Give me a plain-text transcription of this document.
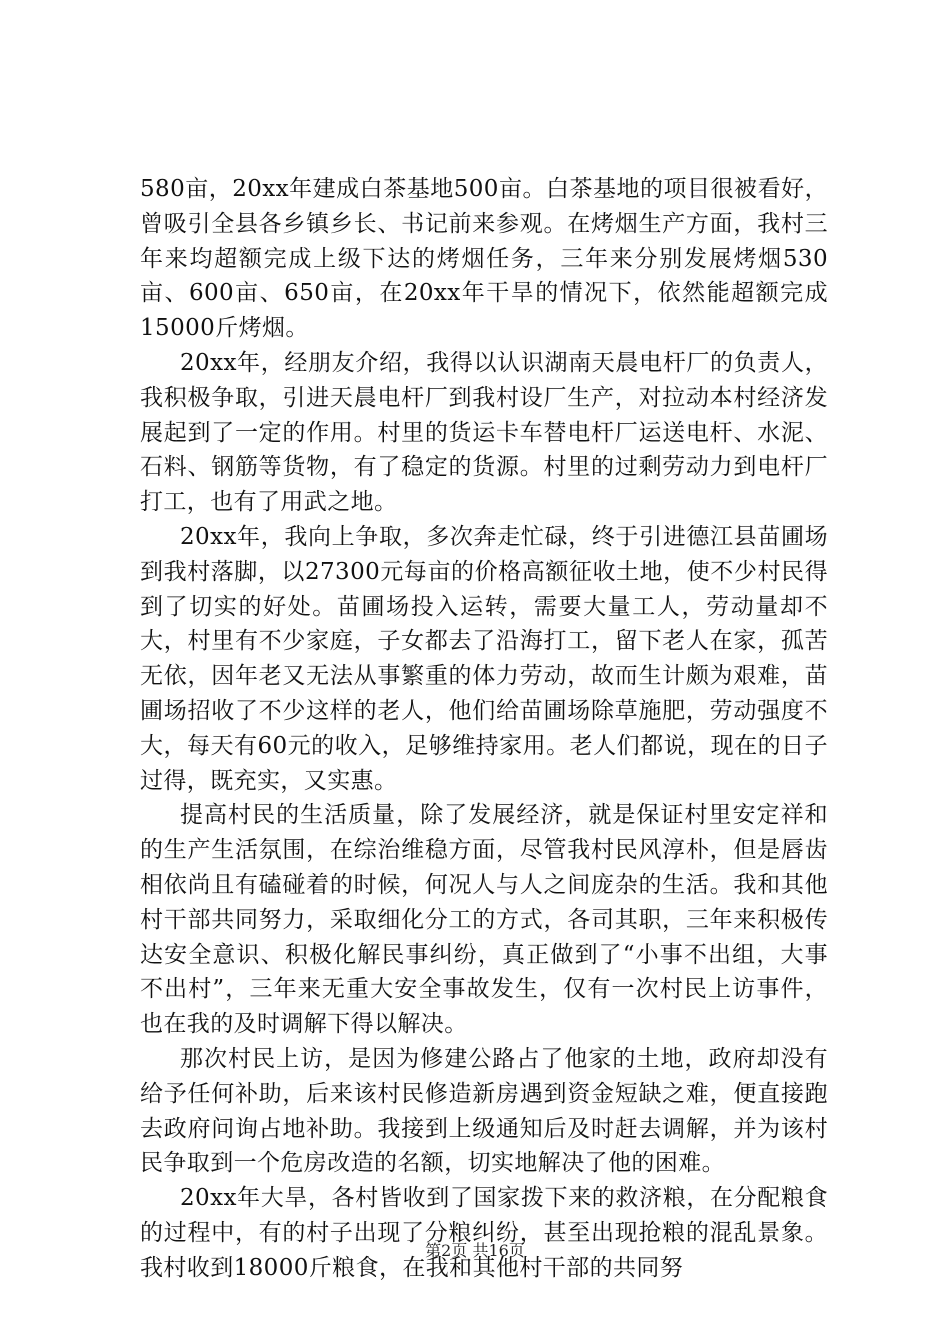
580亩，20xx年建成白茶基地500亩。白茶基地的项目很被看好，曾吸引全县各乡镇乡长、书记前来参观。在烤烟生产方面，我村三年来均超额完成上级下达的烤烟任务，三年来分别发展烤烟530亩、600亩、650亩，在20xx年干旱的情况下，依然能超额完成15000斤烤烟。

20xx年，经朋友介绍，我得以认识湖南天晨电杆厂的负责人，我积极争取，引进天晨电杆厂到我村设厂生产，对拉动本村经济发展起到了一定的作用。村里的货运卡车替电杆厂运送电杆、水泥、石料、钢筋等货物，有了稳定的货源。村里的过剩劳动力到电杆厂打工，也有了用武之地。

20xx年，我向上争取，多次奔走忙碌，终于引进德江县苗圃场到我村落脚，以27300元每亩的价格高额征收土地，使不少村民得到了切实的好处。苗圃场投入运转，需要大量工人，劳动量却不大，村里有不少家庭，子女都去了沿海打工，留下老人在家，孤苦无依，因年老又无法从事繁重的体力劳动，故而生计颇为艰难，苗圃场招收了不少这样的老人，他们给苗圃场除草施肥，劳动强度不大，每天有60元的收入，足够维持家用。老人们都说，现在的日子过得，既充实，又实惠。

提高村民的生活质量，除了发展经济，就是保证村里安定祥和的生产生活氛围，在综治维稳方面，尽管我村民风淳朴，但是唇齿相依尚且有磕碰着的时候，何况人与人之间庞杂的生活。我和其他村干部共同努力，采取细化分工的方式，各司其职，三年来积极传达安全意识、积极化解民事纠纷，真正做到了“小事不出组，大事不出村”，三年来无重大安全事故发生，仅有一次村民上访事件，也在我的及时调解下得以解决。

那次村民上访，是因为修建公路占了他家的土地，政府却没有给予任何补助，后来该村民修造新房遇到资金短缺之难，便直接跑去政府问询占地补助。我接到上级通知后及时赶去调解，并为该村民争取到一个危房改造的名额，切实地解决了他的困难。

20xx年大旱，各村皆收到了国家拨下来的救济粮，在分配粮食的过程中，有的村子出现了分粮纠纷，甚至出现抢粮的混乱景象。我村收到18000斤粮食，在我和其他村干部的共同努

第2页 共16页
